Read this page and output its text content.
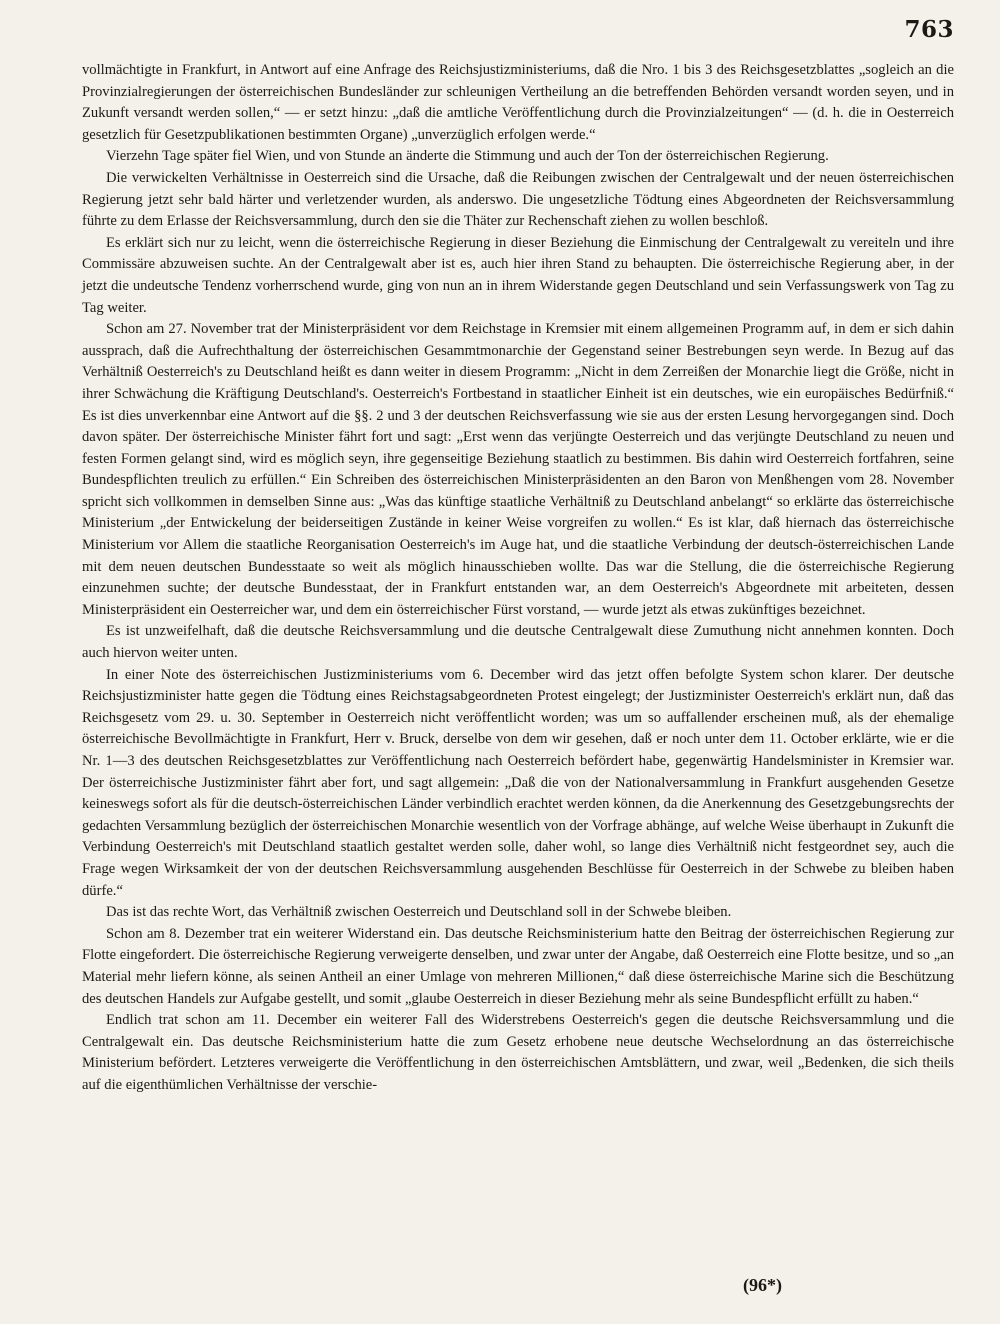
763

vollmächtigte in Frankfurt, in Antwort auf eine Anfrage des Reichsjustizministeriums, daß die Nro. 1 bis 3 des Reichsgesetzblattes „sogleich an die Provinzialregierungen der österreichischen Bundesländer zur schleunigen Vertheilung an die betreffenden Behörden versandt worden seyen, und in Zukunft versandt werden sollen,“ — er setzt hinzu: „daß die amtliche Veröffentlichung durch die Provinzialzeitungen“ — (d. h. die in Oesterreich gesetzlich für Gesetzpublikationen bestimmten Organe) „unverzüglich erfolgen werde.“

Vierzehn Tage später fiel Wien, und von Stunde an änderte die Stimmung und auch der Ton der österreichischen Regierung.

Die verwickelten Verhältnisse in Oesterreich sind die Ursache, daß die Reibungen zwischen der Centralgewalt und der neuen österreichischen Regierung jetzt sehr bald härter und verletzender wurden, als anderswo. Die ungesetzliche Tödtung eines Abgeordneten der Reichsversammlung führte zu dem Erlasse der Reichsversammlung, durch den sie die Thäter zur Rechenschaft ziehen zu wollen beschloß.

Es erklärt sich nur zu leicht, wenn die österreichische Regierung in dieser Beziehung die Einmischung der Centralgewalt zu vereiteln und ihre Commissäre abzuweisen suchte. An der Centralgewalt aber ist es, auch hier ihren Stand zu behaupten. Die österreichische Regierung aber, in der jetzt die undeutsche Tendenz vorherrschend wurde, ging von nun an in ihrem Widerstande gegen Deutschland und sein Verfassungswerk von Tag zu Tag weiter.

Schon am 27. November trat der Ministerpräsident vor dem Reichstage in Kremsier mit einem allgemeinen Programm auf, in dem er sich dahin aussprach, daß die Aufrechthaltung der österreichischen Gesammtmonarchie der Gegenstand seiner Bestrebungen seyn werde. In Bezug auf das Verhältniß Oesterreich's zu Deutschland heißt es dann weiter in diesem Programm: „Nicht in dem Zerreißen der Monarchie liegt die Größe, nicht in ihrer Schwächung die Kräftigung Deutschland's. Oesterreich's Fortbestand in staatlicher Einheit ist ein deutsches, wie ein europäisches Bedürfniß.“ Es ist dies unverkennbar eine Antwort auf die §§. 2 und 3 der deutschen Reichsverfassung wie sie aus der ersten Lesung hervorgegangen sind. Doch davon später. Der österreichische Minister fährt fort und sagt: „Erst wenn das verjüngte Oesterreich und das verjüngte Deutschland zu neuen und festen Formen gelangt sind, wird es möglich seyn, ihre gegenseitige Beziehung staatlich zu bestimmen. Bis dahin wird Oesterreich fortfahren, seine Bundespflichten treulich zu erfüllen.“ Ein Schreiben des österreichischen Ministerpräsidenten an den Baron von Menßhengen vom 28. November spricht sich vollkommen in demselben Sinne aus: „Was das künftige staatliche Verhältniß zu Deutschland anbelangt“ so erklärte das österreichische Ministerium „der Entwickelung der beiderseitigen Zustände in keiner Weise vorgreifen zu wollen.“ Es ist klar, daß hiernach das österreichische Ministerium vor Allem die staatliche Reorganisation Oesterreich's im Auge hat, und die staatliche Verbindung der deutsch-österreichischen Lande mit dem neuen deutschen Bundesstaate so weit als möglich hinausschieben wollte. Das war die Stellung, die die österreichische Regierung einzunehmen suchte; der deutsche Bundesstaat, der in Frankfurt entstanden war, an dem Oesterreich's Abgeordnete mit arbeiteten, dessen Ministerpräsident ein Oesterreicher war, und dem ein österreichischer Fürst vorstand, — wurde jetzt als etwas zukünftiges bezeichnet.

Es ist unzweifelhaft, daß die deutsche Reichsversammlung und die deutsche Centralgewalt diese Zumuthung nicht annehmen konnten. Doch auch hiervon weiter unten.

In einer Note des österreichischen Justizministeriums vom 6. December wird das jetzt offen befolgte System schon klarer. Der deutsche Reichsjustizminister hatte gegen die Tödtung eines Reichstagsabgeordneten Protest eingelegt; der Justizminister Oesterreich's erklärt nun, daß das Reichsgesetz vom 29. u. 30. September in Oesterreich nicht veröffentlicht worden; was um so auffallender erscheinen muß, als der ehemalige österreichische Bevollmächtigte in Frankfurt, Herr v. Bruck, derselbe von dem wir gesehen, daß er noch unter dem 11. October erklärte, wie er die Nr. 1—3 des deutschen Reichsgesetzblattes zur Veröffentlichung nach Oesterreich befördert habe, gegenwärtig Handelsminister in Kremsier war. Der österreichische Justizminister fährt aber fort, und sagt allgemein: „Daß die von der Nationalversammlung in Frankfurt ausgehenden Gesetze keineswegs sofort als für die deutsch-österreichischen Länder verbindlich erachtet werden können, da die Anerkennung des Gesetzgebungsrechts der gedachten Versammlung bezüglich der österreichischen Monarchie wesentlich von der Vorfrage abhänge, auf welche Weise überhaupt in Zukunft die Verbindung Oesterreich's mit Deutschland staatlich gestaltet werden solle, daher wohl, so lange dies Verhältniß nicht festgeordnet sey, auch die Frage wegen Wirksamkeit der von der deutschen Reichsversammlung ausgehenden Beschlüsse für Oesterreich in der Schwebe zu bleiben haben dürfe.“

Das ist das rechte Wort, das Verhältniß zwischen Oesterreich und Deutschland soll in der Schwebe bleiben.

Schon am 8. Dezember trat ein weiterer Widerstand ein. Das deutsche Reichsministerium hatte den Beitrag der österreichischen Regierung zur Flotte eingefordert. Die österreichische Regierung verweigerte denselben, und zwar unter der Angabe, daß Oesterreich eine Flotte besitze, und so „an Material mehr liefern könne, als seinen Antheil an einer Umlage von mehreren Millionen,“ daß diese österreichische Marine sich die Beschützung des deutschen Handels zur Aufgabe gestellt, und somit „glaube Oesterreich in dieser Beziehung mehr als seine Bundespflicht erfüllt zu haben.“

Endlich trat schon am 11. December ein weiterer Fall des Widerstrebens Oesterreich's gegen die deutsche Reichsversammlung und die Centralgewalt ein. Das deutsche Reichsministerium hatte die zum Gesetz erhobene neue deutsche Wechselordnung an das österreichische Ministerium befördert. Letzteres verweigerte die Veröffentlichung in den österreichischen Amtsblättern, und zwar, weil „Bedenken, die sich theils auf die eigenthümlichen Verhältnisse der verschie-

(96*)
